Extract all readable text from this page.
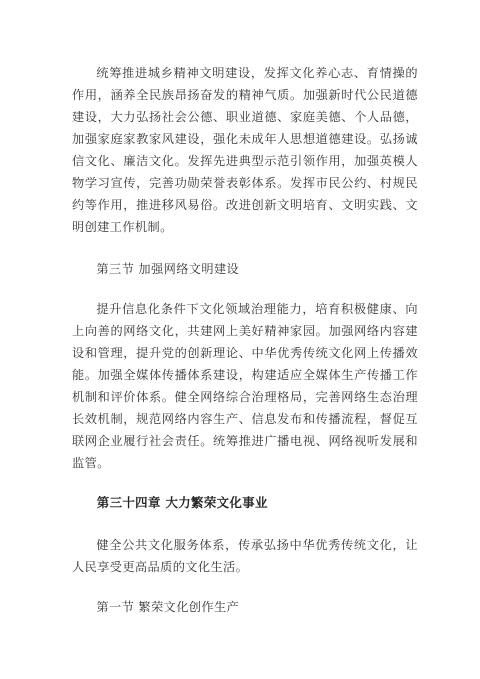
统筹推进城乡精神文明建设，发挥文化养心志、育情操的作用，涵养全民族昂扬奋发的精神气质。加强新时代公民道德建设，大力弘扬社会公德、职业道德、家庭美德、个人品德，加强家庭家教家风建设，强化未成年人思想道德建设。弘扬诚信文化、廉洁文化。发挥先进典型示范引领作用，加强英模人物学习宣传，完善功勋荣誉表彰体系。发挥市民公约、村规民约等作用，推进移风易俗。改进创新文明培育、文明实践、文明创建工作机制。

第三节 加强网络文明建设

提升信息化条件下文化领域治理能力，培育积极健康、向上向善的网络文化，共建网上美好精神家园。加强网络内容建设和管理，提升党的创新理论、中华优秀传统文化网上传播效能。加强全媒体传播体系建设，构建适应全媒体生产传播工作机制和评价体系。健全网络综合治理格局，完善网络生态治理长效机制，规范网络内容生产、信息发布和传播流程，督促互联网企业履行社会责任。统筹推进广播电视、网络视听发展和监管。

第三十四章 大力繁荣文化事业

健全公共文化服务体系，传承弘扬中华优秀传统文化，让人民享受更高品质的文化生活。

第一节 繁荣文化创作生产
